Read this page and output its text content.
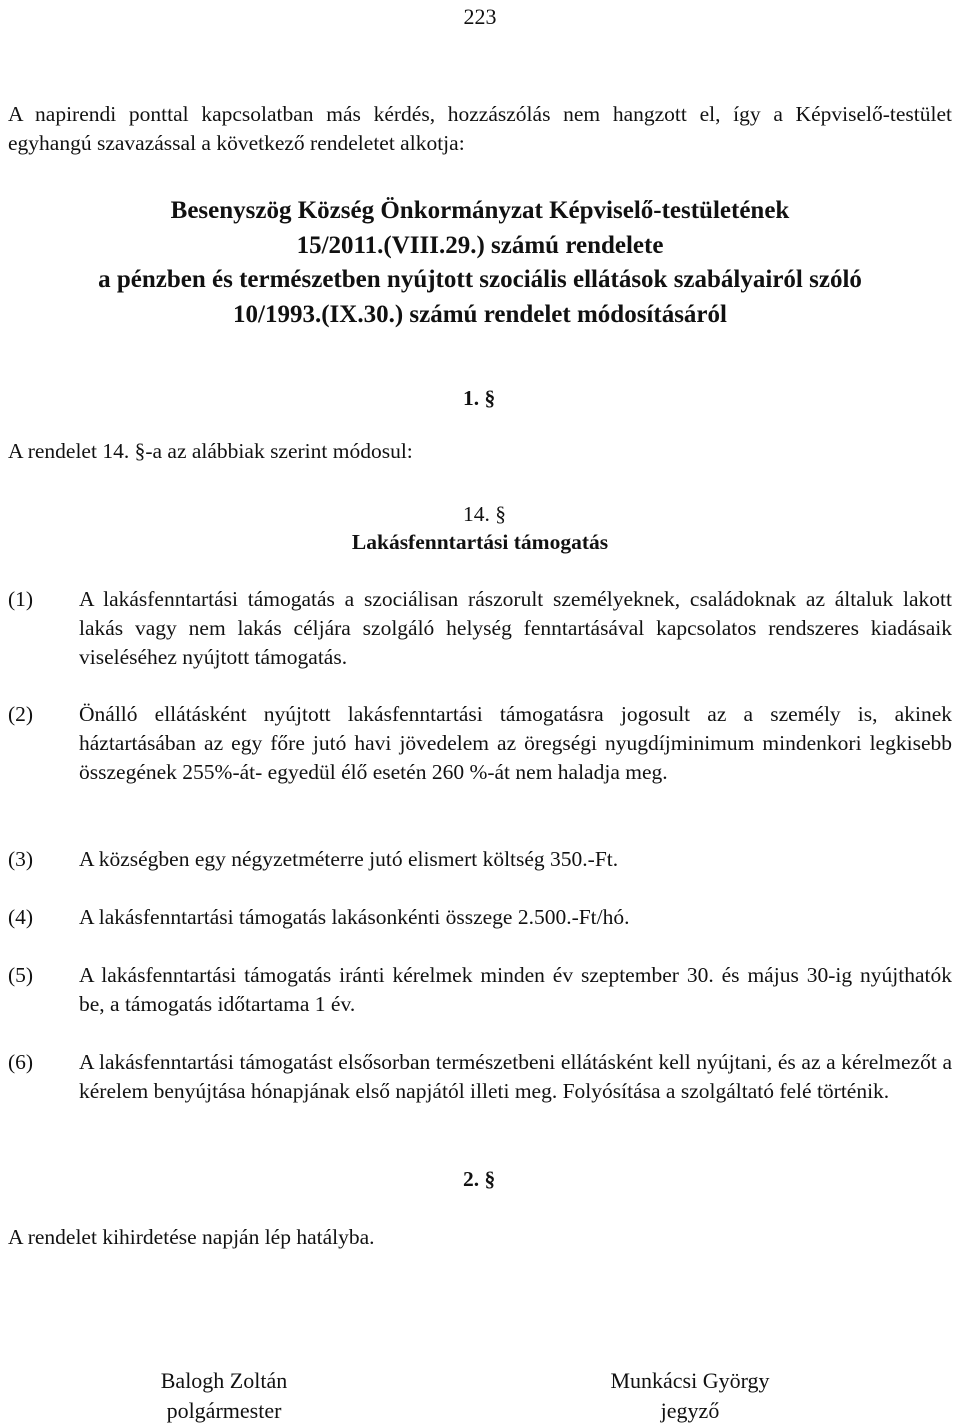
223

A napirendi ponttal kapcsolatban más kérdés, hozzászólás nem hangzott el, így a Képviselő-testület egyhangú szavazással a következő rendeletet alkotja:

Besenyszög Község Önkormányzat Képviselő-testületének
15/2011.(VIII.29.) számú rendelete
a pénzben és természetben nyújtott szociális ellátások szabályairól szóló
10/1993.(IX.30.) számú rendelet módosításáról
1. §

A rendelet 14. §-a az alábbiak szerint módosul:

14. §
Lakásfenntartási támogatás
(1) A lakásfenntartási támogatás a szociálisan rászorult személyeknek, családoknak az általuk lakott lakás vagy nem lakás céljára szolgáló helység fenntartásával kapcsolatos rendszeres kiadásaik viseléséhez nyújtott támogatás.
(2) Önálló ellátásként nyújtott lakásfenntartási támogatásra jogosult az a személy is, akinek háztartásában az egy főre jutó havi jövedelem az öregségi nyugdíjminimum mindenkori legkisebb összegének 255%-át- egyedül élő esetén 260 %-át nem haladja meg.
(3) A községben egy négyzetméterre jutó elismert költség 350.-Ft.
(4) A lakásfenntartási támogatás lakásonkénti összege 2.500.-Ft/hó.
(5) A lakásfenntartási támogatás iránti kérelmek minden év szeptember 30. és május 30-ig nyújthatók be, a támogatás időtartama 1 év.
(6) A lakásfenntartási támogatást elsősorban természetbeni ellátásként kell nyújtani, és az a kérelmezőt a kérelem benyújtása hónapjának első napjától illeti meg. Folyósítása a szolgáltató felé történik.
2. §

A rendelet kihirdetése napján lép hatályba.

Balogh Zoltán
polgármester
Munkácsi György
jegyző
